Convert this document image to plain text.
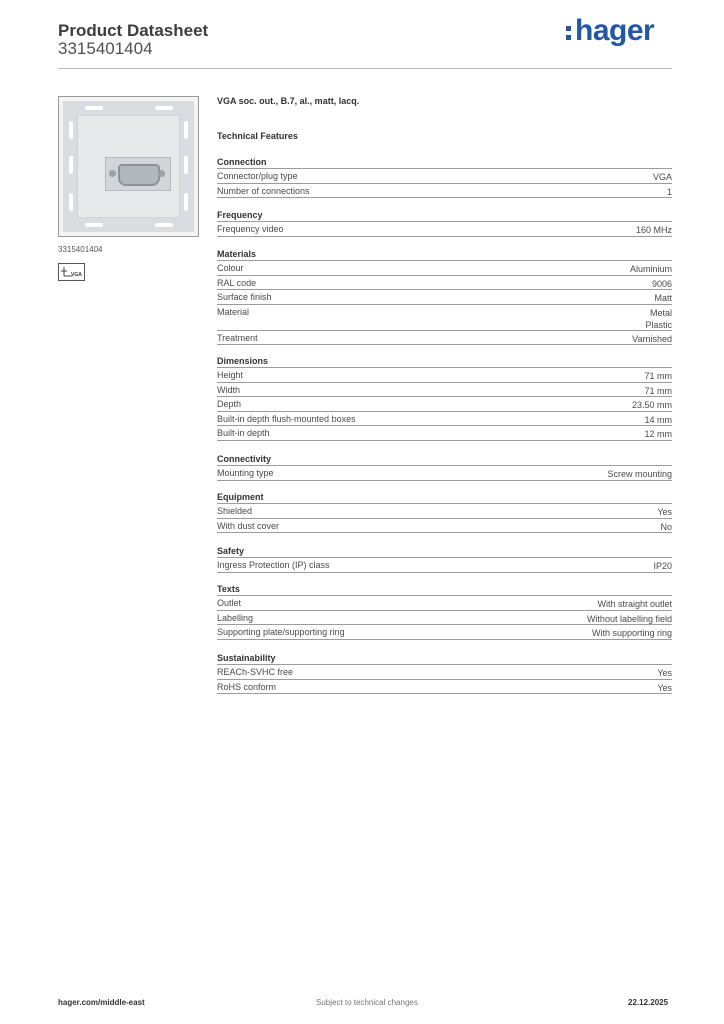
Product Datasheet
3315401404
hager
3315401404
VGA
VGA soc. out., B.7, al., matt, lacq.
Technical Features
Connection
Connector/plug type	VGA
Number of connections	1
Frequency
Frequency video	160 MHz
Materials
Colour	Aluminium
RAL code	9006
Surface finish	Matt
Material	Metal
Plastic
Treatment	Varnished
Dimensions
Height	71 mm
Width	71 mm
Depth	23.50 mm
Built-in depth flush-mounted boxes	14 mm
Built-in depth	12 mm
Connectivity
Mounting type	Screw mounting
Equipment
Shielded	Yes
With dust cover	No
Safety
Ingress Protection (IP) class	IP20
Texts
Outlet	With straight outlet
Labelling	Without labelling field
Supporting plate/supporting ring	With supporting ring
Sustainability
REACh-SVHC free	Yes
RoHS conform	Yes
hager.com/middle-east	Subject to technical changes	22.12.2025
